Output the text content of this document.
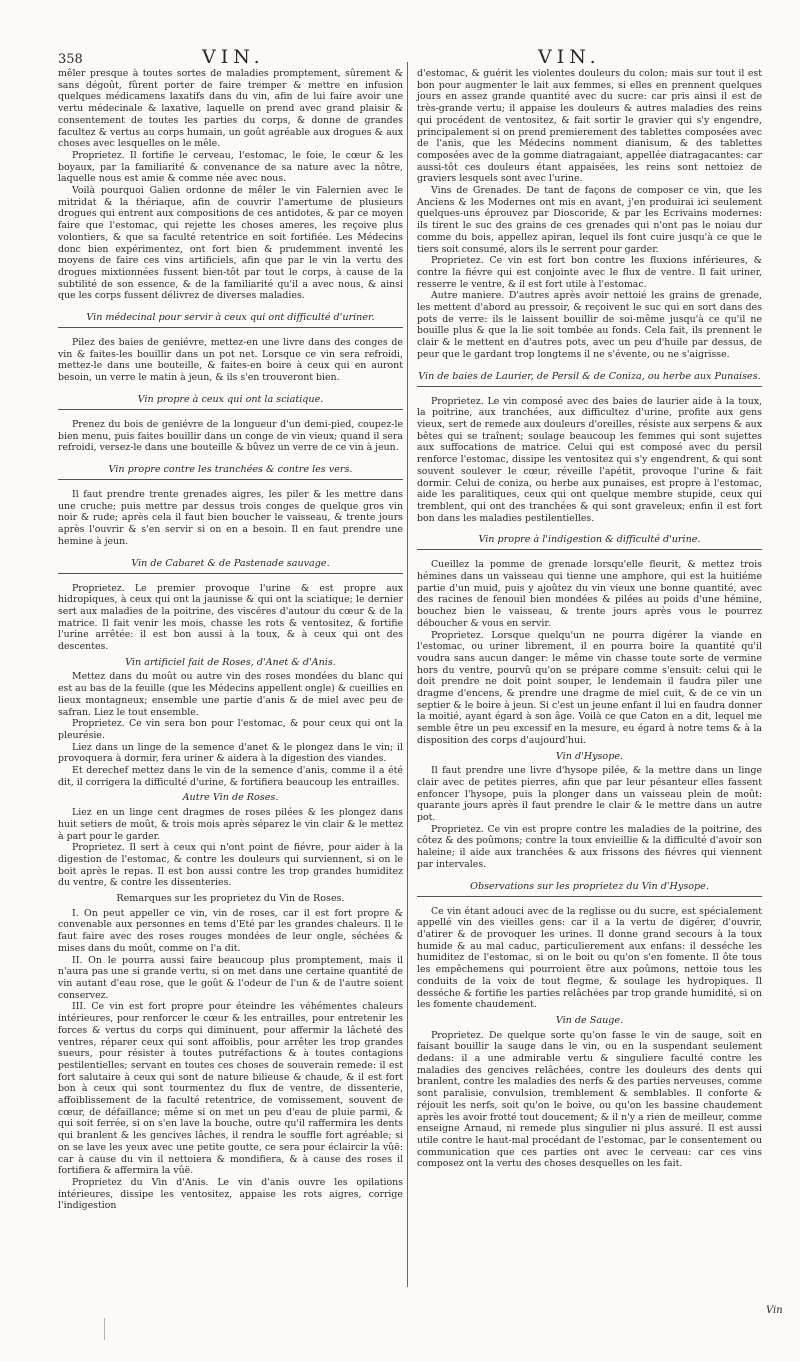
358	VIN.	VIN.

mêler presque à toutes sortes de maladies promptement, sûrement & sans dégoût, fûrent porter de faire tremper & mettre en infusion quelques médicamens laxatifs dans du vin, afin de lui faire avoir une vertu médecinale & laxative, laquelle on prend avec grand plaisir & consentement de toutes les parties du corps, & donne de grandes facultez & vertus au corps humain, un goût agréable aux drogues & aux choses avec lesquelles on le mêle.

Proprietez. Il fortifie le cerveau, l'estomac, le foie, le cœur & les boyaux, par la familiarité & convenance de sa nature avec la nôtre, laquelle nous est amie & comme née avec nous.

Voilà pourquoi Galien ordonne de mêler le vin Falernien avec le mitridat & la thériaque, afin de couvrir l'amertume de plusieurs drogues qui entrent aux compositions de ces antidotes, & par ce moyen faire que l'estomac, qui rejette les choses ameres, les reçoive plus volontiers, & que sa faculté retentrice en soit fortifiée. Les Médecins donc bien expérimentez, ont fort bien & prudemment inventé les moyens de faire ces vins artificiels, afin que par le vin la vertu des drogues mixtionnées fussent bien-tôt par tout le corps, à cause de la subtilité de son essence, & de la familiarité qu'il a avec nous, & ainsi que les corps fussent délivrez de diverses maladies.

Vin médecinal pour servir à ceux qui ont difficulté d'uriner.

Pilez des baies de geniévre, mettez-en une livre dans des conges de vin & faites-les bouillir dans un pot net. Lorsque ce vin sera refroidi, mettez-le dans une bouteille, & faites-en boire à ceux qui en auront besoin, un verre le matin à jeun, & ils s'en trouveront bien.

Vin propre à ceux qui ont la sciatique.

Prenez du bois de geniévre de la longueur d'un demi-pied, coupez-le bien menu, puis faites bouillir dans un conge de vin vieux; quand il sera refroidi, versez-le dans une bouteille & bûvez un verre de ce vin à jeun.

Vin propre contre les tranchées & contre les vers.

Il faut prendre trente grenades aigres, les piler & les mettre dans une cruche; puis mettre par dessus trois conges de quelque gros vin noir & rude; après cela il faut bien boucher le vaisseau, & trente jours après l'ouvrir & s'en servir si on en a besoin. Il en faut prendre une hemine à jeun.

Vin de Cabaret & de Pastenade sauvage.

Proprietez. Le premier provoque l'urine & est propre aux hidropiques, à ceux qui ont la jaunisse & qui ont la sciatique; le dernier sert aux maladies de la poitrine, des viscéres d'autour du cœur & de la matrice. Il fait venir les mois, chasse les rots & ventositez, & fortifie l'urine arrêtée: il est bon aussi à la toux, & à ceux qui ont des descentes.

Vin artificiel fait de Roses, d'Anet & d'Anis.

Mettez dans du moût ou autre vin des roses mondées du blanc qui est au bas de la feuille (que les Médecins appellent ongle) & cueillies en lieux montagneux; ensemble une partie d'anis & de miel avec peu de safran. Liez le tout ensemble.

Proprietez. Ce vin sera bon pour l'estomac, & pour ceux qui ont la pleurésie.

Liez dans un linge de la semence d'anet & le plongez dans le vin; il provoquera à dormir, fera uriner & aidera à la digestion des viandes.

Et derechef mettez dans le vin de la semence d'anis, comme il a été dit, il corrigera la difficulté d'urine, & fortifiera beaucoup les entrailles.

Autre Vin de Roses.

Liez en un linge cent dragmes de roses pilées & les plongez dans huit setiers de moût, & trois mois après séparez le vin clair & le mettez à part pour le garder.

Proprietez. Il sert à ceux qui n'ont point de fiévre, pour aider à la digestion de l'estomac, & contre les douleurs qui surviennent, si on le boit après le repas. Il est bon aussi contre les trop grandes humiditez du ventre, & contre les dissenteries.

Remarques sur les proprietez du Vin de Roses.

I. On peut appeller ce vin, vin de roses, car il est fort propre & convenable aux personnes en tems d'Eté par les grandes chaleurs. Il le faut faire avec des roses rouges mondées de leur ongle, séchées & mises dans du moût, comme on l'a dit.

II. On le pourra aussi faire beaucoup plus promptement, mais il n'aura pas une si grande vertu, si on met dans une certaine quantité de vin autant d'eau rose, que le goût & l'odeur de l'un & de l'autre soient conservez.

III. Ce vin est fort propre pour éteindre les véhémentes chaleurs intérieures, pour renforcer le cœur & les entrailles, pour entretenir les forces & vertus du corps qui diminuent, pour affermir la lâcheté des ventres, réparer ceux qui sont affoiblis, pour arrêter les trop grandes sueurs, pour résister à toutes putréfactions & à toutes contagions pestilentielles; servant en toutes ces choses de souverain remede: il est fort salutaire à ceux qui sont de nature bilieuse & chaude, & il est fort bon à ceux qui sont tourmentez du flux de ventre, de dissenterie, affoiblissement de la faculté retentrice, de vomissement, souvent de cœur, de défaillance; même si on met un peu d'eau de pluie parmi, & qui soit ferrée, si on s'en lave la bouche, outre qu'il raffermira les dents qui branlent & les gencives lâches, il rendra le souffle fort agréable; si on se lave les yeux avec une petite goutte, ce sera pour éclaircir la vûë: car à cause du vin il nettoiera & mondifiera, & à cause des roses il fortifiera & affermira la vûë.

Proprietez du Vin d'Anis. Le vin d'anis ouvre les opilations intérieures, dissipe les ventositez, appaise les rots aigres, corrige l'indigestion

d'estomac, & guérit les violentes douleurs du colon; mais sur tout il est bon pour augmenter le lait aux femmes, si elles en prennent quelques jours en assez grande quantité avec du sucre: car pris ainsi il est de très-grande vertu; il appaise les douleurs & autres maladies des reins qui procédent de ventositez, & fait sortir le gravier qui s'y engendre, principalement si on prend premierement des tablettes composées avec de l'anis, que les Médecins nomment dianisum, & des tablettes composées avec de la gomme diatragaiant, appellée diatragacantes: car aussi-tôt ces douleurs étant appaisées, les reins sont nettoiez de graviers lesquels sont avec l'urine.

Vins de Grenades. De tant de façons de composer ce vin, que les Anciens & les Modernes ont mis en avant, j'en produirai ici seulement quelques-uns éprouvez par Dioscoride, & par les Ecrivains modernes: ils tirent le suc des grains de ces grenades qui n'ont pas le noiau dur comme du bois, appellez apiran, lequel ils font cuire jusqu'à ce que le tiers soit consumé, alors ils le serrent pour garder.

Proprietez. Ce vin est fort bon contre les fluxions inférieures, & contre la fiévre qui est conjointe avec le flux de ventre. Il fait uriner, resserre le ventre, & il est fort utile à l'estomac.

Autre maniere. D'autres après avoir nettoié les grains de grenade, les mettent d'abord au pressoir, & reçoivent le suc qui en sort dans des pots de verre: ils le laissent bouillir de soi-même jusqu'à ce qu'il ne bouille plus & que la lie soit tombée au fonds. Cela fait, ils prennent le clair & le mettent en d'autres pots, avec un peu d'huile par dessus, de peur que le gardant trop longtems il ne s'évente, ou ne s'aigrisse.

Vin de baies de Laurier, de Persil & de Coniza, ou herbe aux Punaises.

Proprietez. Le vin composé avec des baies de laurier aide à la toux, la poitrine, aux tranchées, aux difficultez d'urine, profite aux gens vieux, sert de remede aux douleurs d'oreilles, résiste aux serpens & aux bêtes qui se traînent; soulage beaucoup les femmes qui sont sujettes aux suffocations de matrice. Celui qui est composé avec du persil renforce l'estomac, dissipe les ventositez qui s'y engendrent, & qui sont souvent soulever le cœur, réveille l'apétit, provoque l'urine & fait dormir. Celui de coniza, ou herbe aux punaises, est propre à l'estomac, aide les paralitiques, ceux qui ont quelque membre stupide, ceux qui tremblent, qui ont des tranchées & qui sont graveleux; enfin il est fort bon dans les maladies pestilentielles.

Vin propre à l'indigestion & difficulté d'urine.

Cueillez la pomme de grenade lorsqu'elle fleurit, & mettez trois hémines dans un vaisseau qui tienne une amphore, qui est la huitiéme partie d'un muid, puis y ajoûtez du vin vieux une bonne quantité, avec des racines de fenouil bien mondées & pilées au poids d'une hémine, bouchez bien le vaisseau, & trente jours après vous le pourrez déboucher & vous en servir.

Proprietez. Lorsque quelqu'un ne pourra digérer la viande en l'estomac, ou uriner librement, il en pourra boire la quantité qu'il voudra sans aucun danger: le même vin chasse toute sorte de vermine hors du ventre, pourvû qu'on se prépare comme s'ensuit: celui qui le doit prendre ne doit point souper, le lendemain il faudra piler une dragme d'encens, & prendre une dragme de miel cuit, & de ce vin un septier & le boire à jeun. Si c'est un jeune enfant il lui en faudra donner la moitié, ayant égard à son âge. Voilà ce que Caton en a dit, lequel me semble être un peu excessif en la mesure, eu égard à notre tems & à la disposition des corps d'aujourd'hui.

Vin d'Hysope.

Il faut prendre une livre d'hysope pilée, & la mettre dans un linge clair avec de petites pierres, afin que par leur pésanteur elles fassent enfoncer l'hysope, puis la plonger dans un vaisseau plein de moût: quarante jours après il faut prendre le clair & le mettre dans un autre pot.

Proprietez. Ce vin est propre contre les maladies de la poitrine, des côtez & des poûmons; contre la toux envieillie & la difficulté d'avoir son haleine; il aide aux tranchées & aux frissons des fiévres qui viennent par intervales.

Observations sur les proprietez du Vin d'Hysope.

Ce vin étant adouci avec de la reglisse ou du sucre, est spécialement appellé vin des vieilles gens: car il a la vertu de digérer, d'ouvrir, d'atirer & de provoquer les urines. Il donne grand secours à la toux humide & au mal caduc, particulierement aux enfans: il desséche les humiditez de l'estomac, si on le boit ou qu'on s'en fomente. Il ôte tous les empêchemens qui pourroient être aux poûmons, nettoie tous les conduits de la voix de tout flegme, & soulage les hydropiques. Il desséche & fortifie les parties relâchées par trop grande humidité, si on les fomente chaudement.

Vin de Sauge.

Proprietez. De quelque sorte qu'on fasse le vin de sauge, soit en faisant bouillir la sauge dans le vin, ou en la suspendant seulement dedans: il a une admirable vertu & singuliere faculté contre les maladies des gencives relâchées, contre les douleurs des dents qui branlent, contre les maladies des nerfs & des parties nerveuses, comme sont paralisie, convulsion, tremblement & semblables. Il conforte & réjouit les nerfs, soit qu'on le boive, ou qu'on les bassine chaudement après les avoir frotté tout doucement; & il n'y a rien de meilleur, comme enseigne Arnaud, ni remede plus singulier ni plus assuré. Il est aussi utile contre le haut-mal procédant de l'estomac, par le consentement ou communication que ces parties ont avec le cerveau: car ces vins composez ont la vertu des choses desquelles on les fait.

Vin
